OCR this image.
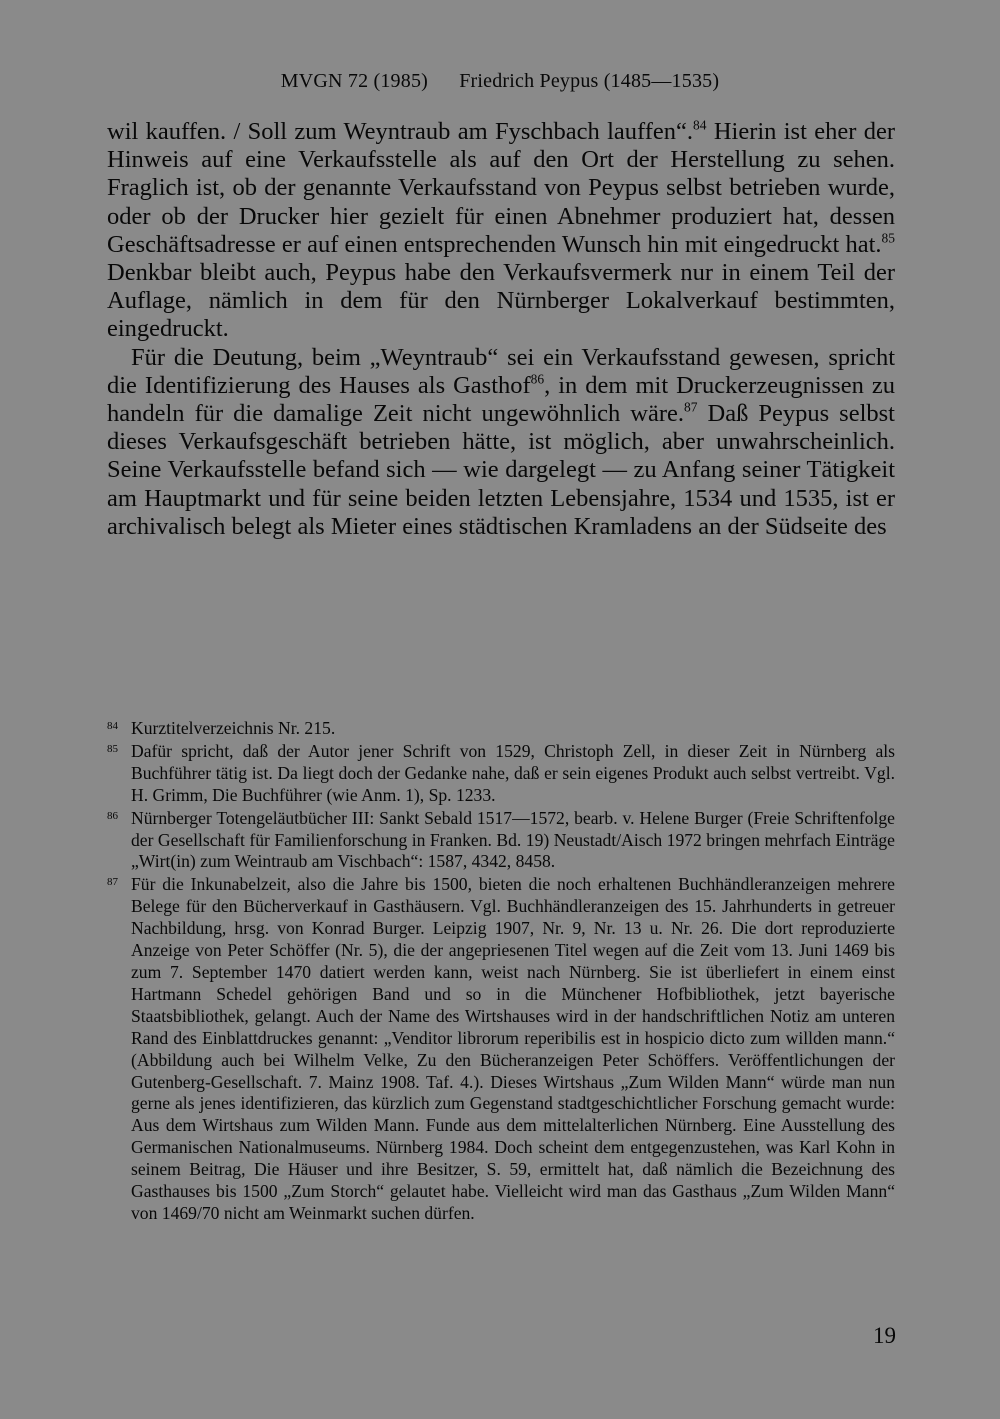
MVGN 72 (1985) Friedrich Peypus (1485—1535)

wil kauffen. / Soll zum Weyntraub am Fyschbach lauffen“.$^{84}$ Hierin ist eher der Hinweis auf eine Verkaufsstelle als auf den Ort der Herstellung zu sehen. Fraglich ist, ob der genannte Verkaufsstand von Peypus selbst betrieben wurde, oder ob der Drucker hier gezielt für einen Abnehmer produziert hat, dessen Geschäftsadresse er auf einen entsprechenden Wunsch hin mit eingedruckt hat.$^{85}$ Denkbar bleibt auch, Peypus habe den Verkaufsvermerk nur in einem Teil der Auflage, nämlich in dem für den Nürnberger Lokalverkauf bestimmten, eingedruckt.

Für die Deutung, beim „Weyntraub“ sei ein Verkaufsstand gewesen, spricht die Identifizierung des Hauses als Gasthof$^{86}$, in dem mit Druckerzeugnissen zu handeln für die damalige Zeit nicht ungewöhnlich wäre.$^{87}$ Daß Peypus selbst dieses Verkaufsgeschäft betrieben hätte, ist möglich, aber unwahrscheinlich. Seine Verkaufsstelle befand sich — wie dargelegt — zu Anfang seiner Tätigkeit am Hauptmarkt und für seine beiden letzten Lebensjahre, 1534 und 1535, ist er archivalisch belegt als Mieter eines städtischen Kramladens an der Südseite des

84 Kurztitelverzeichnis Nr. 215.
85 Dafür spricht, daß der Autor jener Schrift von 1529, Christoph Zell, in dieser Zeit in Nürnberg als Buchführer tätig ist. Da liegt doch der Gedanke nahe, daß er sein eigenes Produkt auch selbst vertreibt. Vgl. H. Grimm, Die Buchführer (wie Anm. 1), Sp. 1233.
86 Nürnberger Totengeläutbücher III: Sankt Sebald 1517—1572, bearb. v. Helene Burger (Freie Schriftenfolge der Gesellschaft für Familienforschung in Franken. Bd. 19) Neustadt/Aisch 1972 bringen mehrfach Einträge „Wirt(in) zum Weintraub am Vischbach“: 1587, 4342, 8458.
87 Für die Inkunabelzeit, also die Jahre bis 1500, bieten die noch erhaltenen Buchhändleranzeigen mehrere Belege für den Bücherverkauf in Gasthäusern. Vgl. Buchhändleranzeigen des 15. Jahrhunderts in getreuer Nachbildung, hrsg. von Konrad Burger. Leipzig 1907, Nr. 9, Nr. 13 u. Nr. 26. Die dort reproduzierte Anzeige von Peter Schöffer (Nr. 5), die der angepriesenen Titel wegen auf die Zeit vom 13. Juni 1469 bis zum 7. September 1470 datiert werden kann, weist nach Nürnberg. Sie ist überliefert in einem einst Hartmann Schedel gehörigen Band und so in die Münchener Hofbibliothek, jetzt bayerische Staatsbibliothek, gelangt. Auch der Name des Wirtshauses wird in der handschriftlichen Notiz am unteren Rand des Einblattdruckes genannt: „Venditor librorum reperibilis est in hospicio dicto zum willden mann.“ (Abbildung auch bei Wilhelm Velke, Zu den Bücheranzeigen Peter Schöffers. Veröffentlichungen der Gutenberg-Gesellschaft. 7. Mainz 1908. Taf. 4.). Dieses Wirtshaus „Zum Wilden Mann“ würde man nun gerne als jenes identifizieren, das kürzlich zum Gegenstand stadtgeschichtlicher Forschung gemacht wurde: Aus dem Wirtshaus zum Wilden Mann. Funde aus dem mittelalterlichen Nürnberg. Eine Ausstellung des Germanischen Nationalmuseums. Nürnberg 1984. Doch scheint dem entgegenzustehen, was Karl Kohn in seinem Beitrag, Die Häuser und ihre Besitzer, S. 59, ermittelt hat, daß nämlich die Bezeichnung des Gasthauses bis 1500 „Zum Storch“ gelautet habe. Vielleicht wird man das Gasthaus „Zum Wilden Mann“ von 1469/70 nicht am Weinmarkt suchen dürfen.
19
